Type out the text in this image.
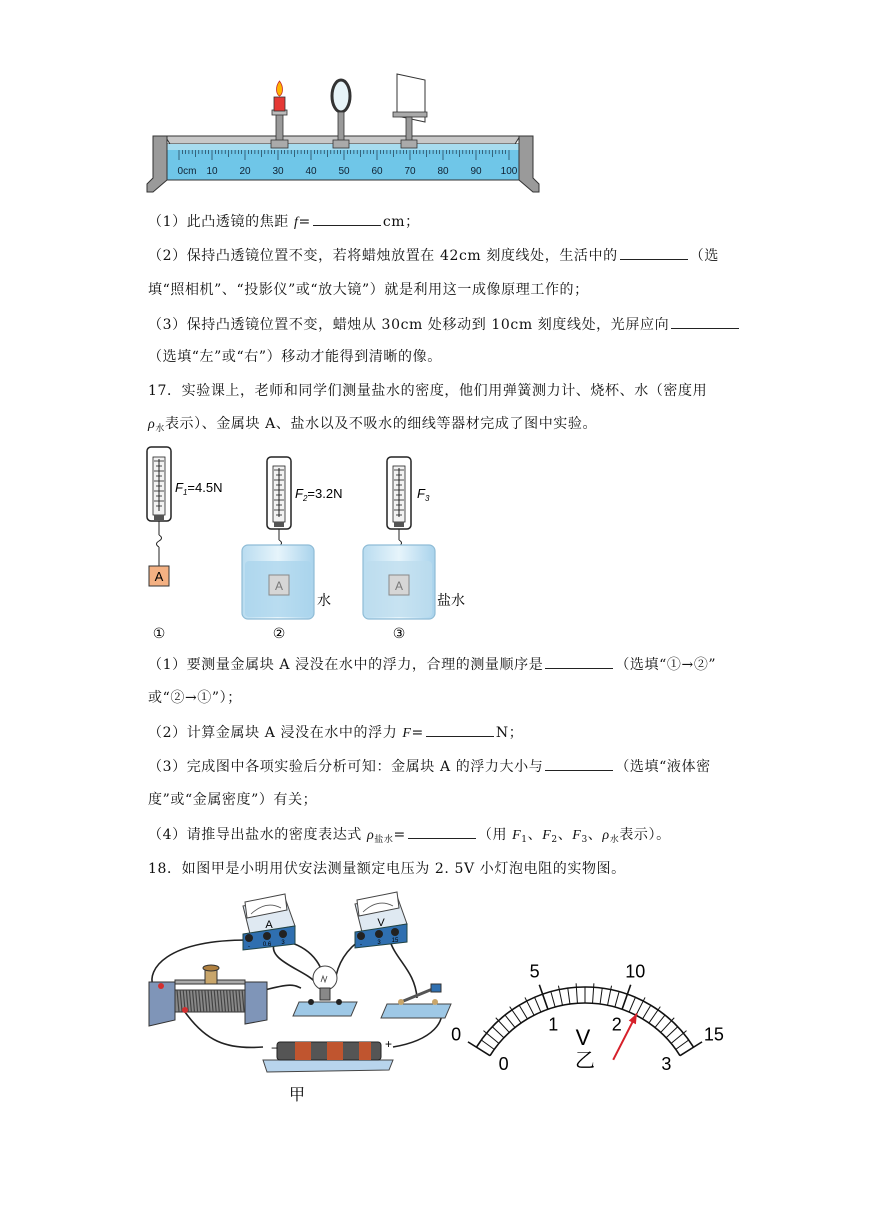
0cm 10 20 30 40 50 60 70 80 90 100
（1）此凸透镜的焦距 f=	cm；
（2）保持凸透镜位置不变，若将蜡烛放置在 42cm 刻度线处，生活中的	（选
填“照相机”、“投影仪”或“放大镜”）就是利用这一成像原理工作的；
（3）保持凸透镜位置不变，蜡烛从 30cm 处移动到 10cm 刻度线处，光屏应向
（选填“左”或“右”）移动才能得到清晰的像。
17．实验课上，老师和同学们测量盐水的密度，他们用弹簧测力计、烧杯、水（密度用
$\rho_水$表示）、金属块 A、盐水以及不吸水的细线等器材完成了图中实验。
A
$F_1=4.5N$
A
$F_2=3.2N$
水
A
$F_3$
盐水
①	②	③
（1）要测量金属块 A 浸没在水中的浮力，合理的测量顺序是	（选填“①→②”
或“②→①”）；
（2）计算金属块 A 浸没在水中的浮力 F=	N；
（3）完成图中各项实验后分析可知：金属块 A 的浮力大小与	（选填“液体密
度”或“金属密度”）有关；
（4）请推导出盐水的密度表达式 $\rho_{盐水}=$	（用 $F_1$、$F_2$、$F_3$、$\rho_水$表示）。
18．如图甲是小明用伏安法测量额定电压为 2. 5V 小灯泡电阻的实物图。
A
- 0.6 3
V
-	3 15
−	+
甲
0
5	10
15
0
1	2
3
V
乙
